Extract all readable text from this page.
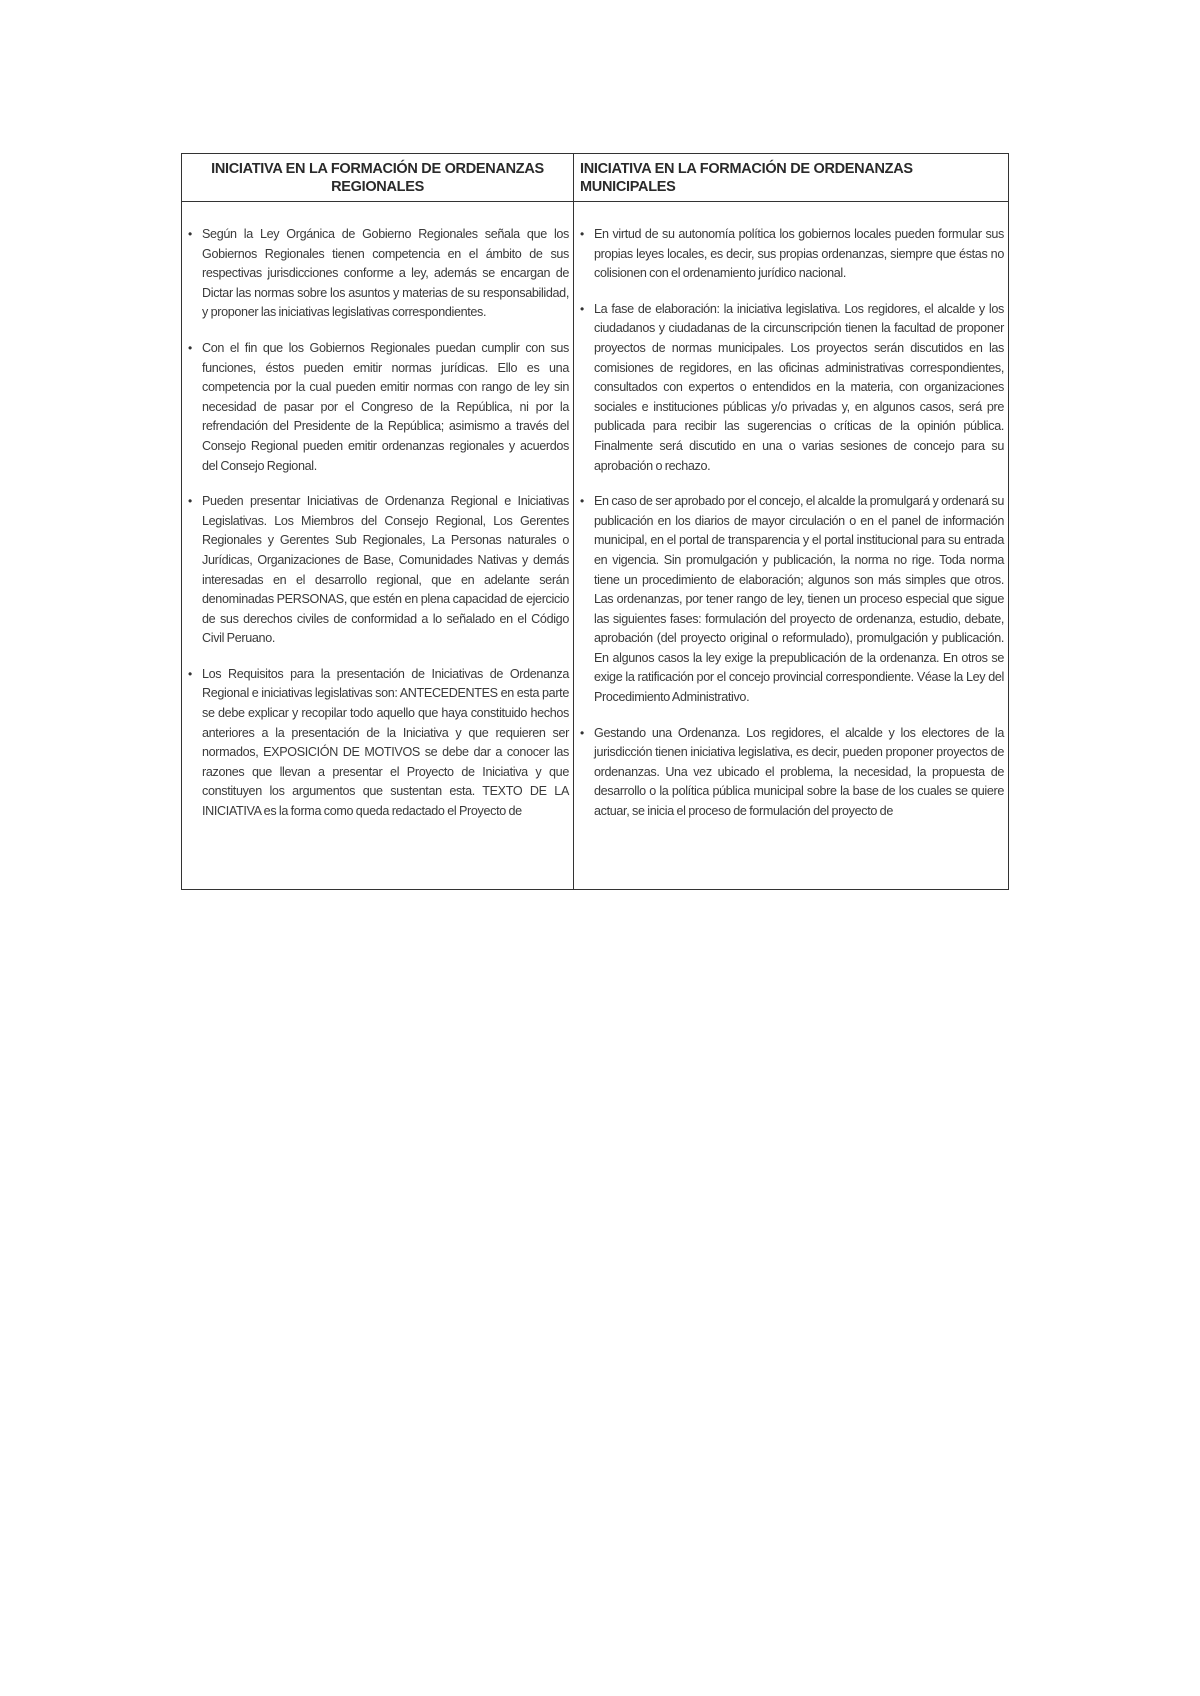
INICIATIVA EN LA FORMACIÓN DE ORDENANZAS REGIONALES
INICIATIVA EN LA FORMACIÓN DE ORDENANZAS MUNICIPALES
• Según la Ley Orgánica de Gobierno Regionales señala que los Gobiernos Regionales tienen competencia en el ámbito de sus respectivas jurisdicciones conforme a ley, además se encargan de Dictar las normas sobre los asuntos y materias de su responsabilidad, y proponer las iniciativas legislativas correspondientes.
• Con el fin que los Gobiernos Regionales puedan cumplir con sus funciones, éstos pueden emitir normas jurídicas. Ello es una competencia por la cual pueden emitir normas con rango de ley sin necesidad de pasar por el Congreso de la República, ni por la refrendación del Presidente de la República; asimismo a través del Consejo Regional pueden emitir ordenanzas regionales y acuerdos del Consejo Regional.
• Pueden presentar Iniciativas de Ordenanza Regional e Iniciativas Legislativas. Los Miembros del Consejo Regional, Los Gerentes Regionales y Gerentes Sub Regionales, La Personas naturales o Jurídicas, Organizaciones de Base, Comunidades Nativas y demás interesadas en el desarrollo regional, que en adelante serán denominadas PERSONAS, que estén en plena capacidad de ejercicio de sus derechos civiles de conformidad a lo señalado en el Código Civil Peruano.
• Los Requisitos para la presentación de Iniciativas de Ordenanza Regional e iniciativas legislativas son: ANTECEDENTES en esta parte se debe explicar y recopilar todo aquello que haya constituido hechos anteriores a la presentación de la Iniciativa y que requieren ser normados, EXPOSICIÓN DE MOTIVOS se debe dar a conocer las razones que llevan a presentar el Proyecto de Iniciativa y que constituyen los argumentos que sustentan esta. TEXTO DE LA INICIATIVA es la forma como queda redactado el Proyecto de
• En virtud de su autonomía política los gobiernos locales pueden formular sus propias leyes locales, es decir, sus propias ordenanzas, siempre que éstas no colisionen con el ordenamiento jurídico nacional.
• La fase de elaboración: la iniciativa legislativa. Los regidores, el alcalde y los ciudadanos y ciudadanas de la circunscripción tienen la facultad de proponer proyectos de normas municipales. Los proyectos serán discutidos en las comisiones de regidores, en las oficinas administrativas correspondientes, consultados con expertos o entendidos en la materia, con organizaciones sociales e instituciones públicas y/o privadas y, en algunos casos, será pre publicada para recibir las sugerencias o críticas de la opinión pública. Finalmente será discutido en una o varias sesiones de concejo para su aprobación o rechazo.
• En caso de ser aprobado por el concejo, el alcalde la promulgará y ordenará su publicación en los diarios de mayor circulación o en el panel de información municipal, en el portal de transparencia y el portal institucional para su entrada en vigencia. Sin promulgación y publicación, la norma no rige. Toda norma tiene un procedimiento de elaboración; algunos son más simples que otros. Las ordenanzas, por tener rango de ley, tienen un proceso especial que sigue las siguientes fases: formulación del proyecto de ordenanza, estudio, debate, aprobación (del proyecto original o reformulado), promulgación y publicación. En algunos casos la ley exige la prepublicación de la ordenanza. En otros se exige la ratificación por el concejo provincial correspondiente. Véase la Ley del Procedimiento Administrativo.
• Gestando una Ordenanza. Los regidores, el alcalde y los electores de la jurisdicción tienen iniciativa legislativa, es decir, pueden proponer proyectos de ordenanzas. Una vez ubicado el problema, la necesidad, la propuesta de desarrollo o la política pública municipal sobre la base de los cuales se quiere actuar, se inicia el proceso de formulación del proyecto de
